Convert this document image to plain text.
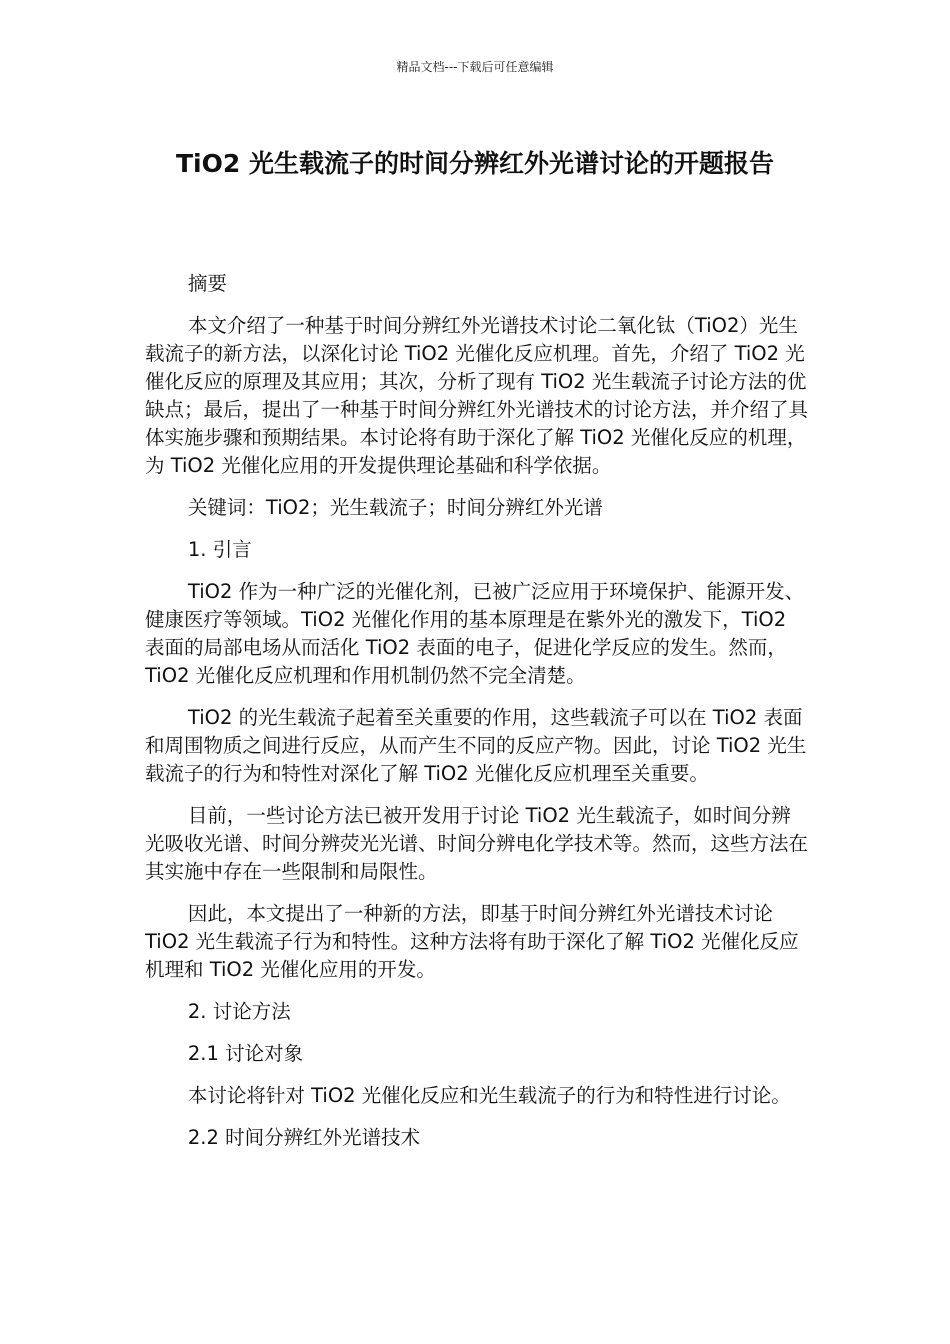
精品文档---下载后可任意编辑
TiO2 光生载流子的时间分辨红外光谱讨论的开题报告

摘要

本文介绍了一种基于时间分辨红外光谱技术讨论二氧化钛（TiO2）光生载流子的新方法，以深化讨论 TiO2 光催化反应机理。首先，介绍了 TiO2 光催化反应的原理及其应用；其次，分析了现有 TiO2 光生载流子讨论方法的优缺点；最后，提出了一种基于时间分辨红外光谱技术的讨论方法，并介绍了具体实施步骤和预期结果。本讨论将有助于深化了解 TiO2 光催化反应的机理，为 TiO2 光催化应用的开发提供理论基础和科学依据。

关键词：TiO2；光生载流子；时间分辨红外光谱

1. 引言

TiO2 作为一种广泛的光催化剂，已被广泛应用于环境保护、能源开发、健康医疗等领域。TiO2 光催化作用的基本原理是在紫外光的激发下，TiO2 表面的局部电场从而活化 TiO2 表面的电子，促进化学反应的发生。然而，TiO2 光催化反应机理和作用机制仍然不完全清楚。

TiO2 的光生载流子起着至关重要的作用，这些载流子可以在 TiO2 表面和周围物质之间进行反应，从而产生不同的反应产物。因此，讨论 TiO2 光生载流子的行为和特性对深化了解 TiO2 光催化反应机理至关重要。

目前，一些讨论方法已被开发用于讨论 TiO2 光生载流子，如时间分辨光吸收光谱、时间分辨荧光光谱、时间分辨电化学技术等。然而，这些方法在其实施中存在一些限制和局限性。

因此，本文提出了一种新的方法，即基于时间分辨红外光谱技术讨论 TiO2 光生载流子行为和特性。这种方法将有助于深化了解 TiO2 光催化反应机理和 TiO2 光催化应用的开发。

2. 讨论方法

2.1 讨论对象

本讨论将针对 TiO2 光催化反应和光生载流子的行为和特性进行讨论。

2.2 时间分辨红外光谱技术
